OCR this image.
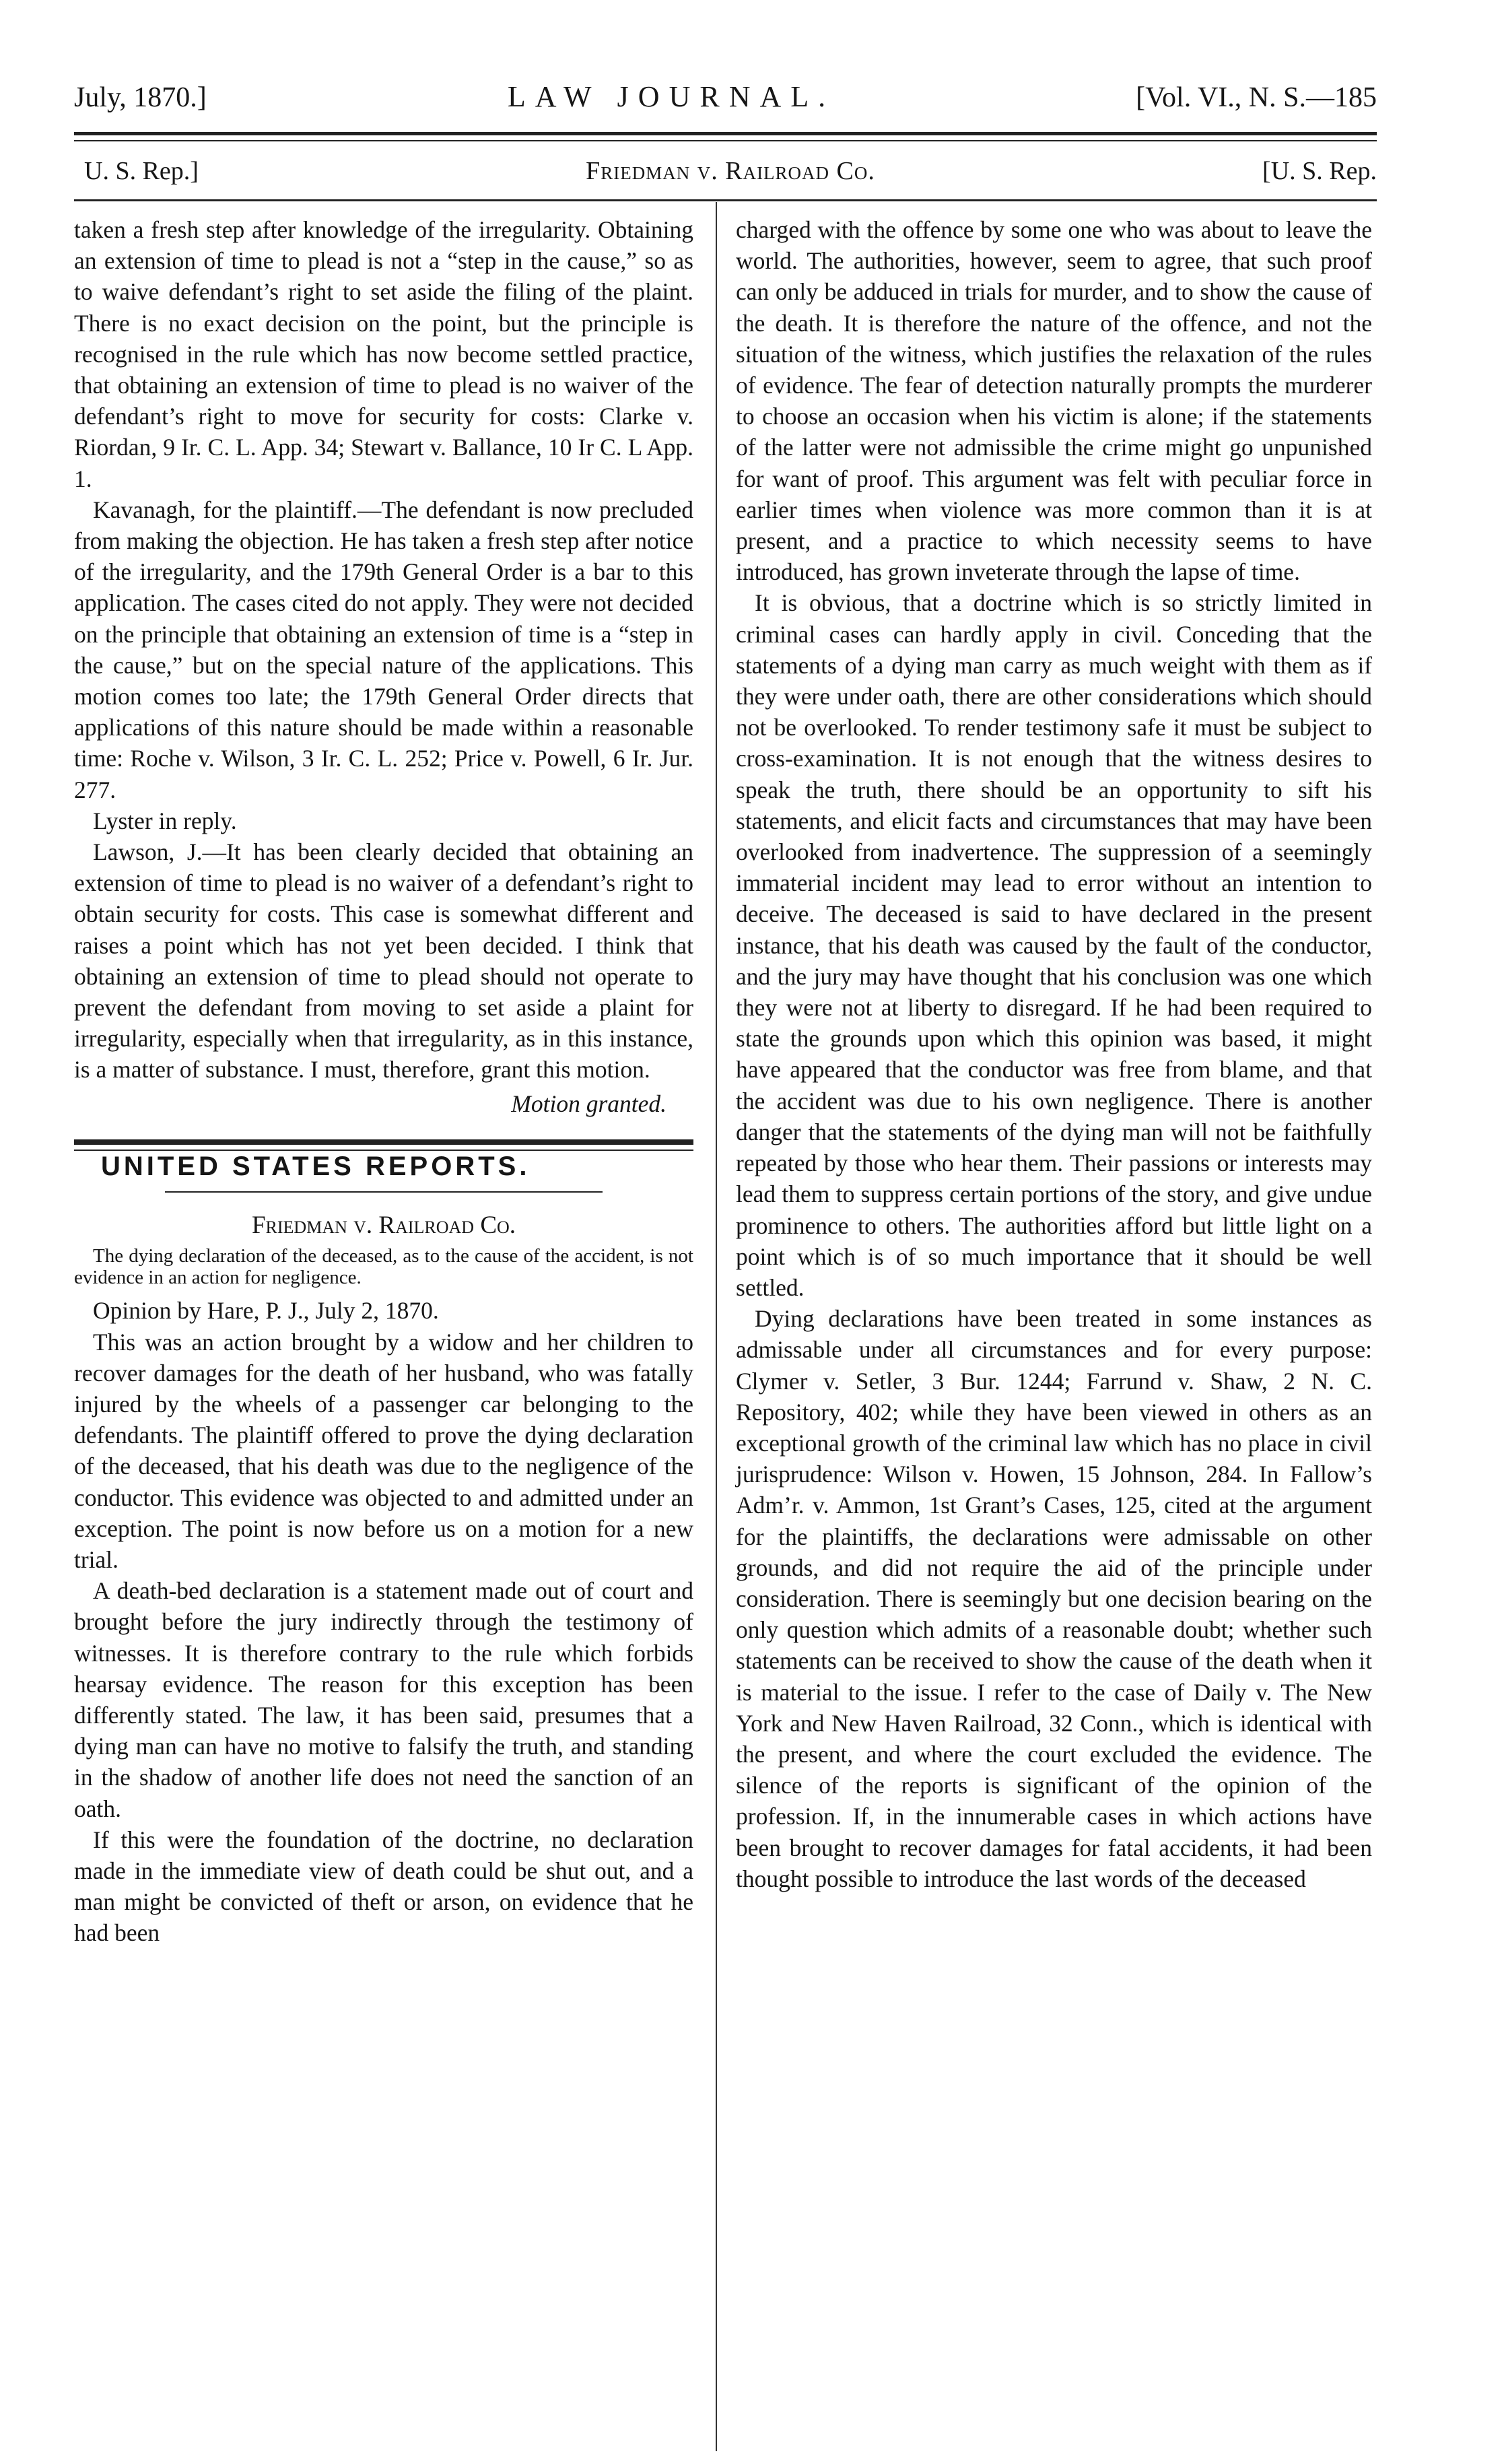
July, 1870.]	LAW JOURNAL.	[Vol. VI., N. S.—185
U. S. Rep.]	Friedman v. Railroad Co.	[U. S. Rep.

taken a fresh step after knowledge of the irregularity. Obtaining an extension of time to plead is not a “step in the cause,” so as to waive defendant’s right to set aside the filing of the plaint. There is no exact decision on the point, but the principle is recognised in the rule which has now become settled practice, that obtaining an extension of time to plead is no waiver of the defendant’s right to move for security for costs: Clarke v. Riordan, 9 Ir. C. L. App. 34; Stewart v. Ballance, 10 Ir C. L App. 1.

Kavanagh, for the plaintiff.—The defendant is now precluded from making the objection. He has taken a fresh step after notice of the irregularity, and the 179th General Order is a bar to this application. The cases cited do not apply. They were not decided on the principle that obtaining an extension of time is a “step in the cause,” but on the special nature of the applications. This motion comes too late; the 179th General Order directs that applications of this nature should be made within a reasonable time: Roche v. Wilson, 3 Ir. C. L. 252; Price v. Powell, 6 Ir. Jur. 277.

Lyster in reply.

Lawson, J.—It has been clearly decided that obtaining an extension of time to plead is no waiver of a defendant’s right to obtain security for costs. This case is somewhat different and raises a point which has not yet been decided. I think that obtaining an extension of time to plead should not operate to prevent the defendant from moving to set aside a plaint for irregularity, especially when that irregularity, as in this instance, is a matter of substance. I must, therefore, grant this motion.

Motion granted.

UNITED STATES REPORTS.

Friedman v. Railroad Co.

The dying declaration of the deceased, as to the cause of the accident, is not evidence in an action for negligence.

Opinion by Hare, P. J., July 2, 1870.

This was an action brought by a widow and her children to recover damages for the death of her husband, who was fatally injured by the wheels of a passenger car belonging to the defendants. The plaintiff offered to prove the dying declaration of the deceased, that his death was due to the negligence of the conductor. This evidence was objected to and admitted under an exception. The point is now before us on a motion for a new trial.

A death-bed declaration is a statement made out of court and brought before the jury indirectly through the testimony of witnesses. It is therefore contrary to the rule which forbids hearsay evidence. The reason for this exception has been differently stated. The law, it has been said, presumes that a dying man can have no motive to falsify the truth, and standing in the shadow of another life does not need the sanction of an oath.

If this were the foundation of the doctrine, no declaration made in the immediate view of death could be shut out, and a man might be convicted of theft or arson, on evidence that he had been

charged with the offence by some one who was about to leave the world. The authorities, however, seem to agree, that such proof can only be adduced in trials for murder, and to show the cause of the death. It is therefore the nature of the offence, and not the situation of the witness, which justifies the relaxation of the rules of evidence. The fear of detection naturally prompts the murderer to choose an occasion when his victim is alone; if the statements of the latter were not admissible the crime might go unpunished for want of proof. This argument was felt with peculiar force in earlier times when violence was more common than it is at present, and a practice to which necessity seems to have introduced, has grown inveterate through the lapse of time.

It is obvious, that a doctrine which is so strictly limited in criminal cases can hardly apply in civil. Conceding that the statements of a dying man carry as much weight with them as if they were under oath, there are other considerations which should not be overlooked. To render testimony safe it must be subject to cross-examination. It is not enough that the witness desires to speak the truth, there should be an opportunity to sift his statements, and elicit facts and circumstances that may have been overlooked from inadvertence. The suppression of a seemingly immaterial incident may lead to error without an intention to deceive. The deceased is said to have declared in the present instance, that his death was caused by the fault of the conductor, and the jury may have thought that his conclusion was one which they were not at liberty to disregard. If he had been required to state the grounds upon which this opinion was based, it might have appeared that the conductor was free from blame, and that the accident was due to his own negligence. There is another danger that the statements of the dying man will not be faithfully repeated by those who hear them. Their passions or interests may lead them to suppress certain portions of the story, and give undue prominence to others. The authorities afford but little light on a point which is of so much importance that it should be well settled.

Dying declarations have been treated in some instances as admissable under all circumstances and for every purpose: Clymer v. Setler, 3 Bur. 1244; Farrund v. Shaw, 2 N. C. Repository, 402; while they have been viewed in others as an exceptional growth of the criminal law which has no place in civil jurisprudence: Wilson v. Howen, 15 Johnson, 284. In Fallow’s Adm’r. v. Ammon, 1st Grant’s Cases, 125, cited at the argument for the plaintiffs, the declarations were admissable on other grounds, and did not require the aid of the principle under consideration. There is seemingly but one decision bearing on the only question which admits of a reasonable doubt; whether such statements can be received to show the cause of the death when it is material to the issue. I refer to the case of Daily v. The New York and New Haven Railroad, 32 Conn., which is identical with the present, and where the court excluded the evidence. The silence of the reports is significant of the opinion of the profession. If, in the innumerable cases in which actions have been brought to recover damages for fatal accidents, it had been thought possible to introduce the last words of the deceased
